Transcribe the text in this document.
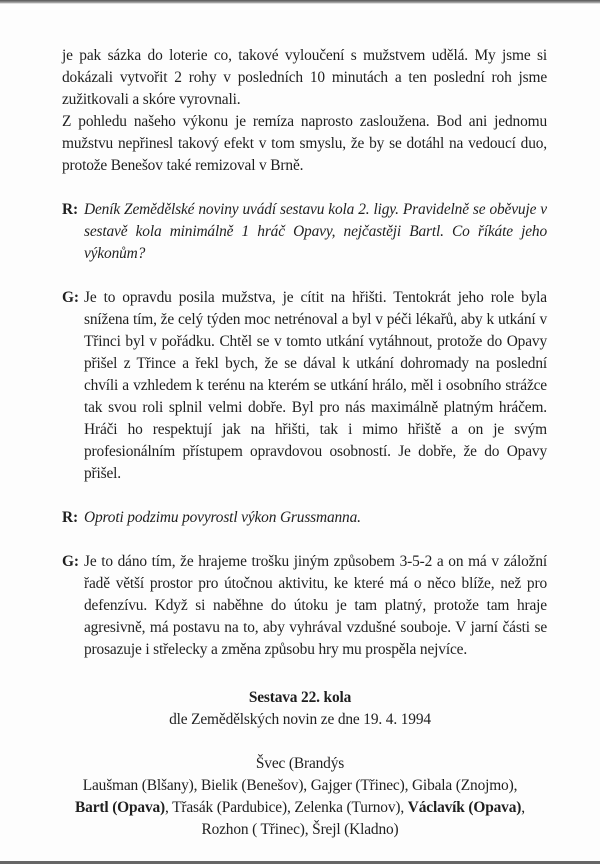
je pak sázka do loterie co, takové vyloučení s mužstvem udělá. My jsme si dokázali vytvořit 2 rohy v posledních 10 minutách a ten poslední roh jsme zužitkovali a skóre vyrovnali.

Z pohledu našeho výkonu je remíza naprosto zasloužena. Bod ani jednomu mužstvu nepřinesl takový efekt v tom smyslu, že by se dotáhl na vedoucí duo, protože Benešov také remizoval v Brně.

R: Deník Zemědělské noviny uvádí sestavu kola 2. ligy. Pravidelně se oběvuje v sestavě kola minimálně 1 hráč Opavy, nejčastěji Bartl. Co říkáte jeho výkonům?
G: Je to opravdu posila mužstva, je cítit na hřišti. Tentokrát jeho role byla snížena tím, že celý týden moc netrénoval a byl v péči lékařů, aby k utkání v Třinci byl v pořádku. Chtěl se v tomto utkání vytáhnout, protože do Opavy přišel z Třince a řekl bych, že se dával k utkání dohromady na poslední chvíli a vzhledem k terénu na kterém se utkání hrálo, měl i osobního strážce tak svou roli splnil velmi dobře. Byl pro nás maximálně platným hráčem. Hráči ho respektují jak na hřišti, tak i mimo hřiště a on je svým profesionálním přístupem opravdovou osobností. Je dobře, že do Opavy přišel.
R: Oproti podzimu povyrostl výkon Grussmanna.
G: Je to dáno tím, že hrajeme trošku jiným způsobem 3-5-2 a on má v záložní řadě větší prostor pro útočnou aktivitu, ke které má o něco blíže, než pro defenzívu. Když si naběhne do útoku je tam platný, protože tam hraje agresivně, má postavu na to, aby vyhrával vzdušné souboje. V jarní části se prosazuje i střelecky a změna způsobu hry mu prospěla nejvíce.
Sestava 22. kola
dle Zemědělských novin ze dne 19. 4. 1994
Švec (Brandýs
Laušman (Blšany), Bielik (Benešov), Gajger (Třinec), Gibala (Znojmo),
Bartl (Opava), Třasák (Pardubice), Zelenka (Turnov), Václavík (Opava),
Rozhon ( Třinec), Šrejl (Kladno)
